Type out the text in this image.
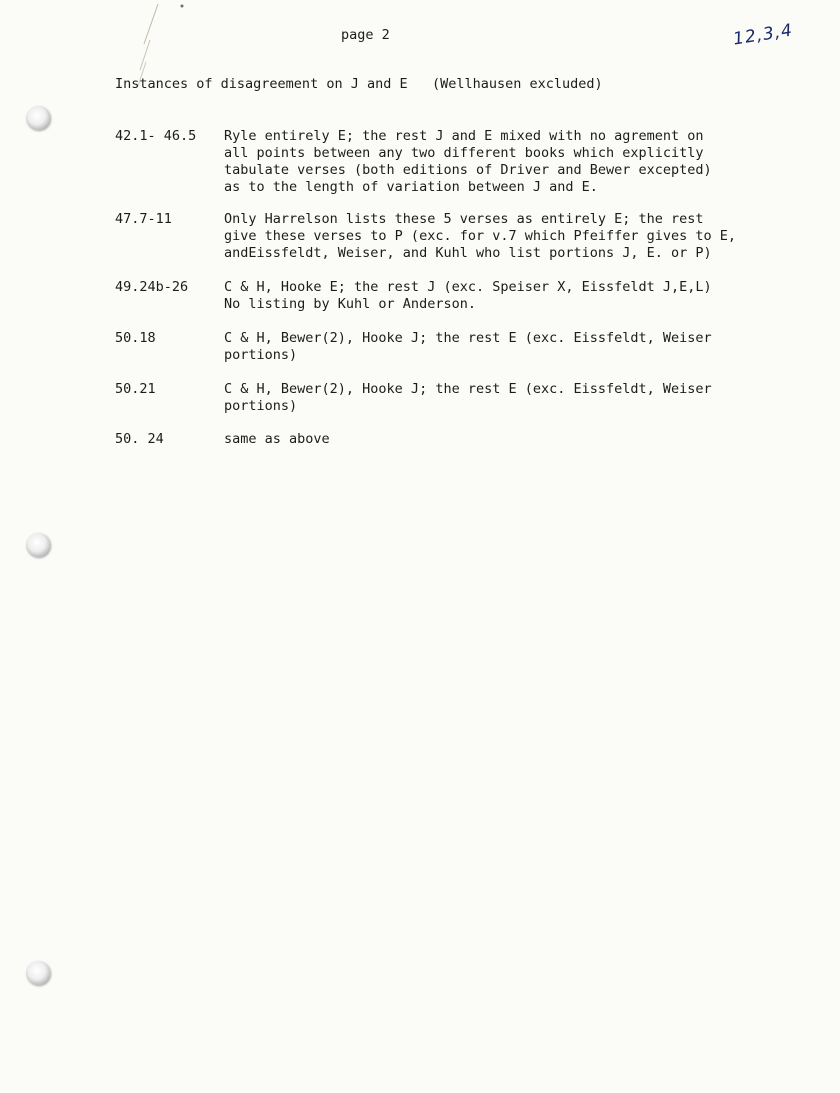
page 2	12,3,4
Instances of disagreement on J and E   (Wellhausen excluded)
42.1- 46.5 Ryle entirely E; the rest J and E mixed with no agrement on
all points between any two different books which explicitly
tabulate verses (both editions of Driver and Bewer excepted)
as to the length of variation between J and E.
47.7-11	Only Harrelson lists these 5 verses as entirely E; the rest
give these verses to P (exc. for v.7 which Pfeiffer gives to E,
andEissfeldt, Weiser, and Kuhl who list portions J, E. or P)
49.24b-26	C & H, Hooke E; the rest J (exc. Speiser X, Eissfeldt J,E,L)
No listing by Kuhl or Anderson.
50.18	C & H, Bewer(2), Hooke J; the rest E (exc. Eissfeldt, Weiser
portions)
50.21	C & H, Bewer(2), Hooke J; the rest E (exc. Eissfeldt, Weiser
portions)
50. 24	same as above
